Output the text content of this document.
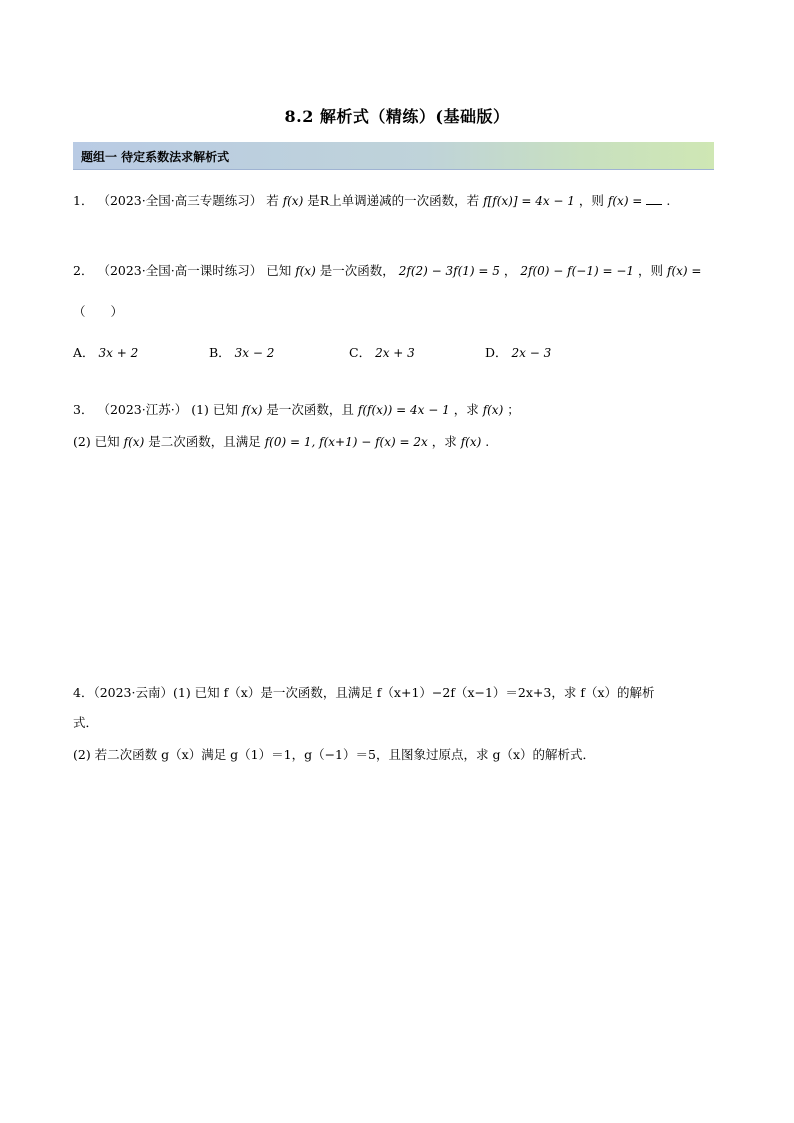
8.2 解析式（精练）(基础版）
题组一 待定系数法求解析式
1． （2023·全国·高三专题练习） 若 f(x) 是R上单调递减的一次函数，若 f[f(x)] = 4x − 1 ，则 f(x) = .
2． （2023·全国·高一课时练习） 已知 f(x) 是一次函数， 2f(2) − 3f(1) = 5 ， 2f(0) − f(−1) = −1 ，则 f(x) =
（　　）
A． 3x + 2	B． 3x − 2	C． 2x + 3	D． 2x − 3
3． （2023·江苏·） (1) 已知 f(x) 是一次函数，且 f(f(x)) = 4x − 1 ，求 f(x) ；
(2) 已知 f(x) 是二次函数，且满足 f(0) = 1, f(x+1) − f(x) = 2x ，求 f(x) .
4．（2023·云南）(1) 已知 f（x）是一次函数，且满足 f（x+1）−2f（x−1）＝2x+3，求 f（x）的解析
式．
(2) 若二次函数 g（x）满足 g（1）＝1，g（−1）＝5，且图象过原点，求 g（x）的解析式．
